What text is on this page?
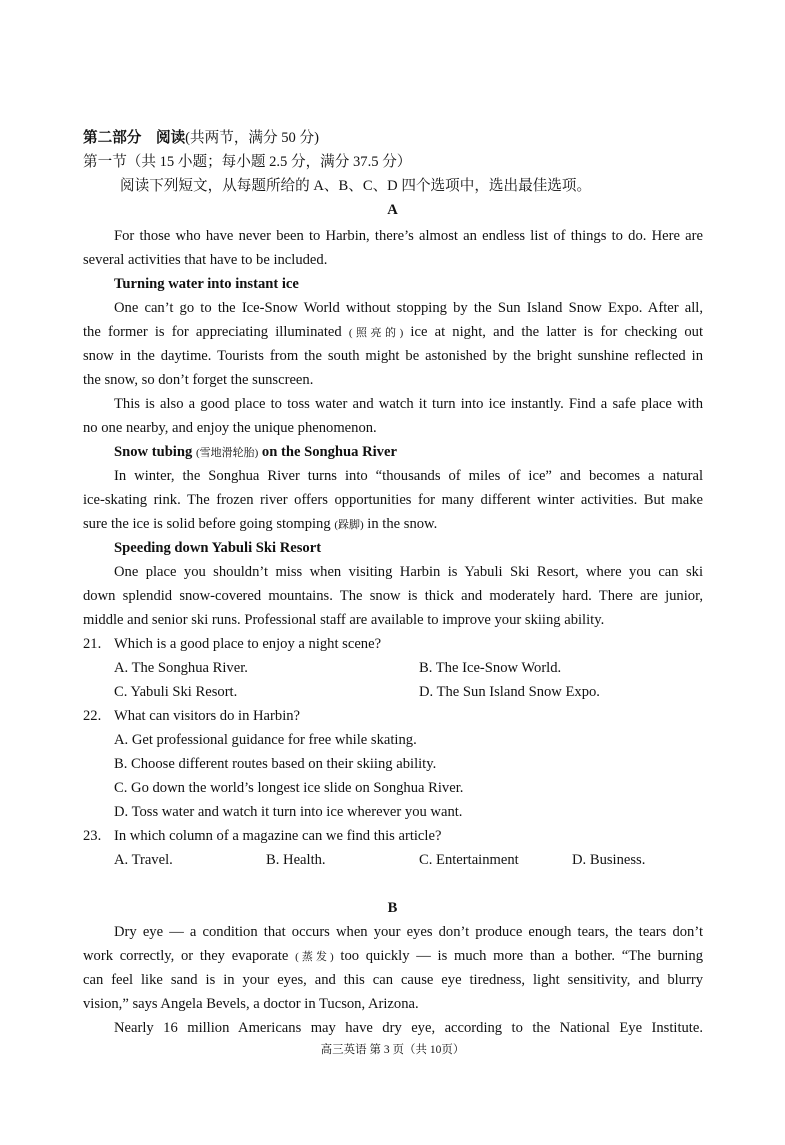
第二部分　阅读(共两节，满分 50 分)
第一节（共 15 小题；每小题 2.5 分，满分 37.5 分）
阅读下列短文，从每题所给的 A、B、C、D 四个选项中，选出最佳选项。
A
For those who have never been to Harbin, there’s almost an endless list of things to do. Here are
several activities that have to be included.
Turning water into instant ice
One can’t go to the Ice-Snow World without stopping by the Sun Island Snow Expo. After all,
the former is for appreciating illuminated (照亮的) ice at night, and the latter is for checking out
snow in the daytime. Tourists from the south might be astonished by the bright sunshine reflected in
the snow, so don’t forget the sunscreen.
This is also a good place to toss water and watch it turn into ice instantly. Find a safe place with
no one nearby, and enjoy the unique phenomenon.
Snow tubing (雪地滑轮胎) on the Songhua River
In winter, the Songhua River turns into “thousands of miles of ice” and becomes a natural
ice-skating rink. The frozen river offers opportunities for many different winter activities. But make
sure the ice is solid before going stomping (跺脚) in the snow.
Speeding down Yabuli Ski Resort
One place you shouldn’t miss when visiting Harbin is Yabuli Ski Resort, where you can ski
down splendid snow-covered mountains. The snow is thick and moderately hard. There are junior,
middle and senior ski runs. Professional staff are available to improve your skiing ability.
21. Which is a good place to enjoy a night scene?
A. The Songhua River.	B. The Ice-Snow World.
C. Yabuli Ski Resort.	D. The Sun Island Snow Expo.
22. What can visitors do in Harbin?
A. Get professional guidance for free while skating.
B. Choose different routes based on their skiing ability.
C. Go down the world’s longest ice slide on Songhua River.
D. Toss water and watch it turn into ice wherever you want.
23. In which column of a magazine can we find this article?
A. Travel.	B. Health.	C. Entertainment	D. Business.
B
Dry eye — a condition that occurs when your eyes don’t produce enough tears, the tears don’t
work correctly, or they evaporate (蒸发) too quickly — is much more than a bother. “The burning
can feel like sand is in your eyes, and this can cause eye tiredness, light sensitivity, and blurry
vision,” says Angela Bevels, a doctor in Tucson, Arizona.
Nearly 16 million Americans may have dry eye, according to the National Eye Institute.
高三英语 第 3 页（共 10页）
